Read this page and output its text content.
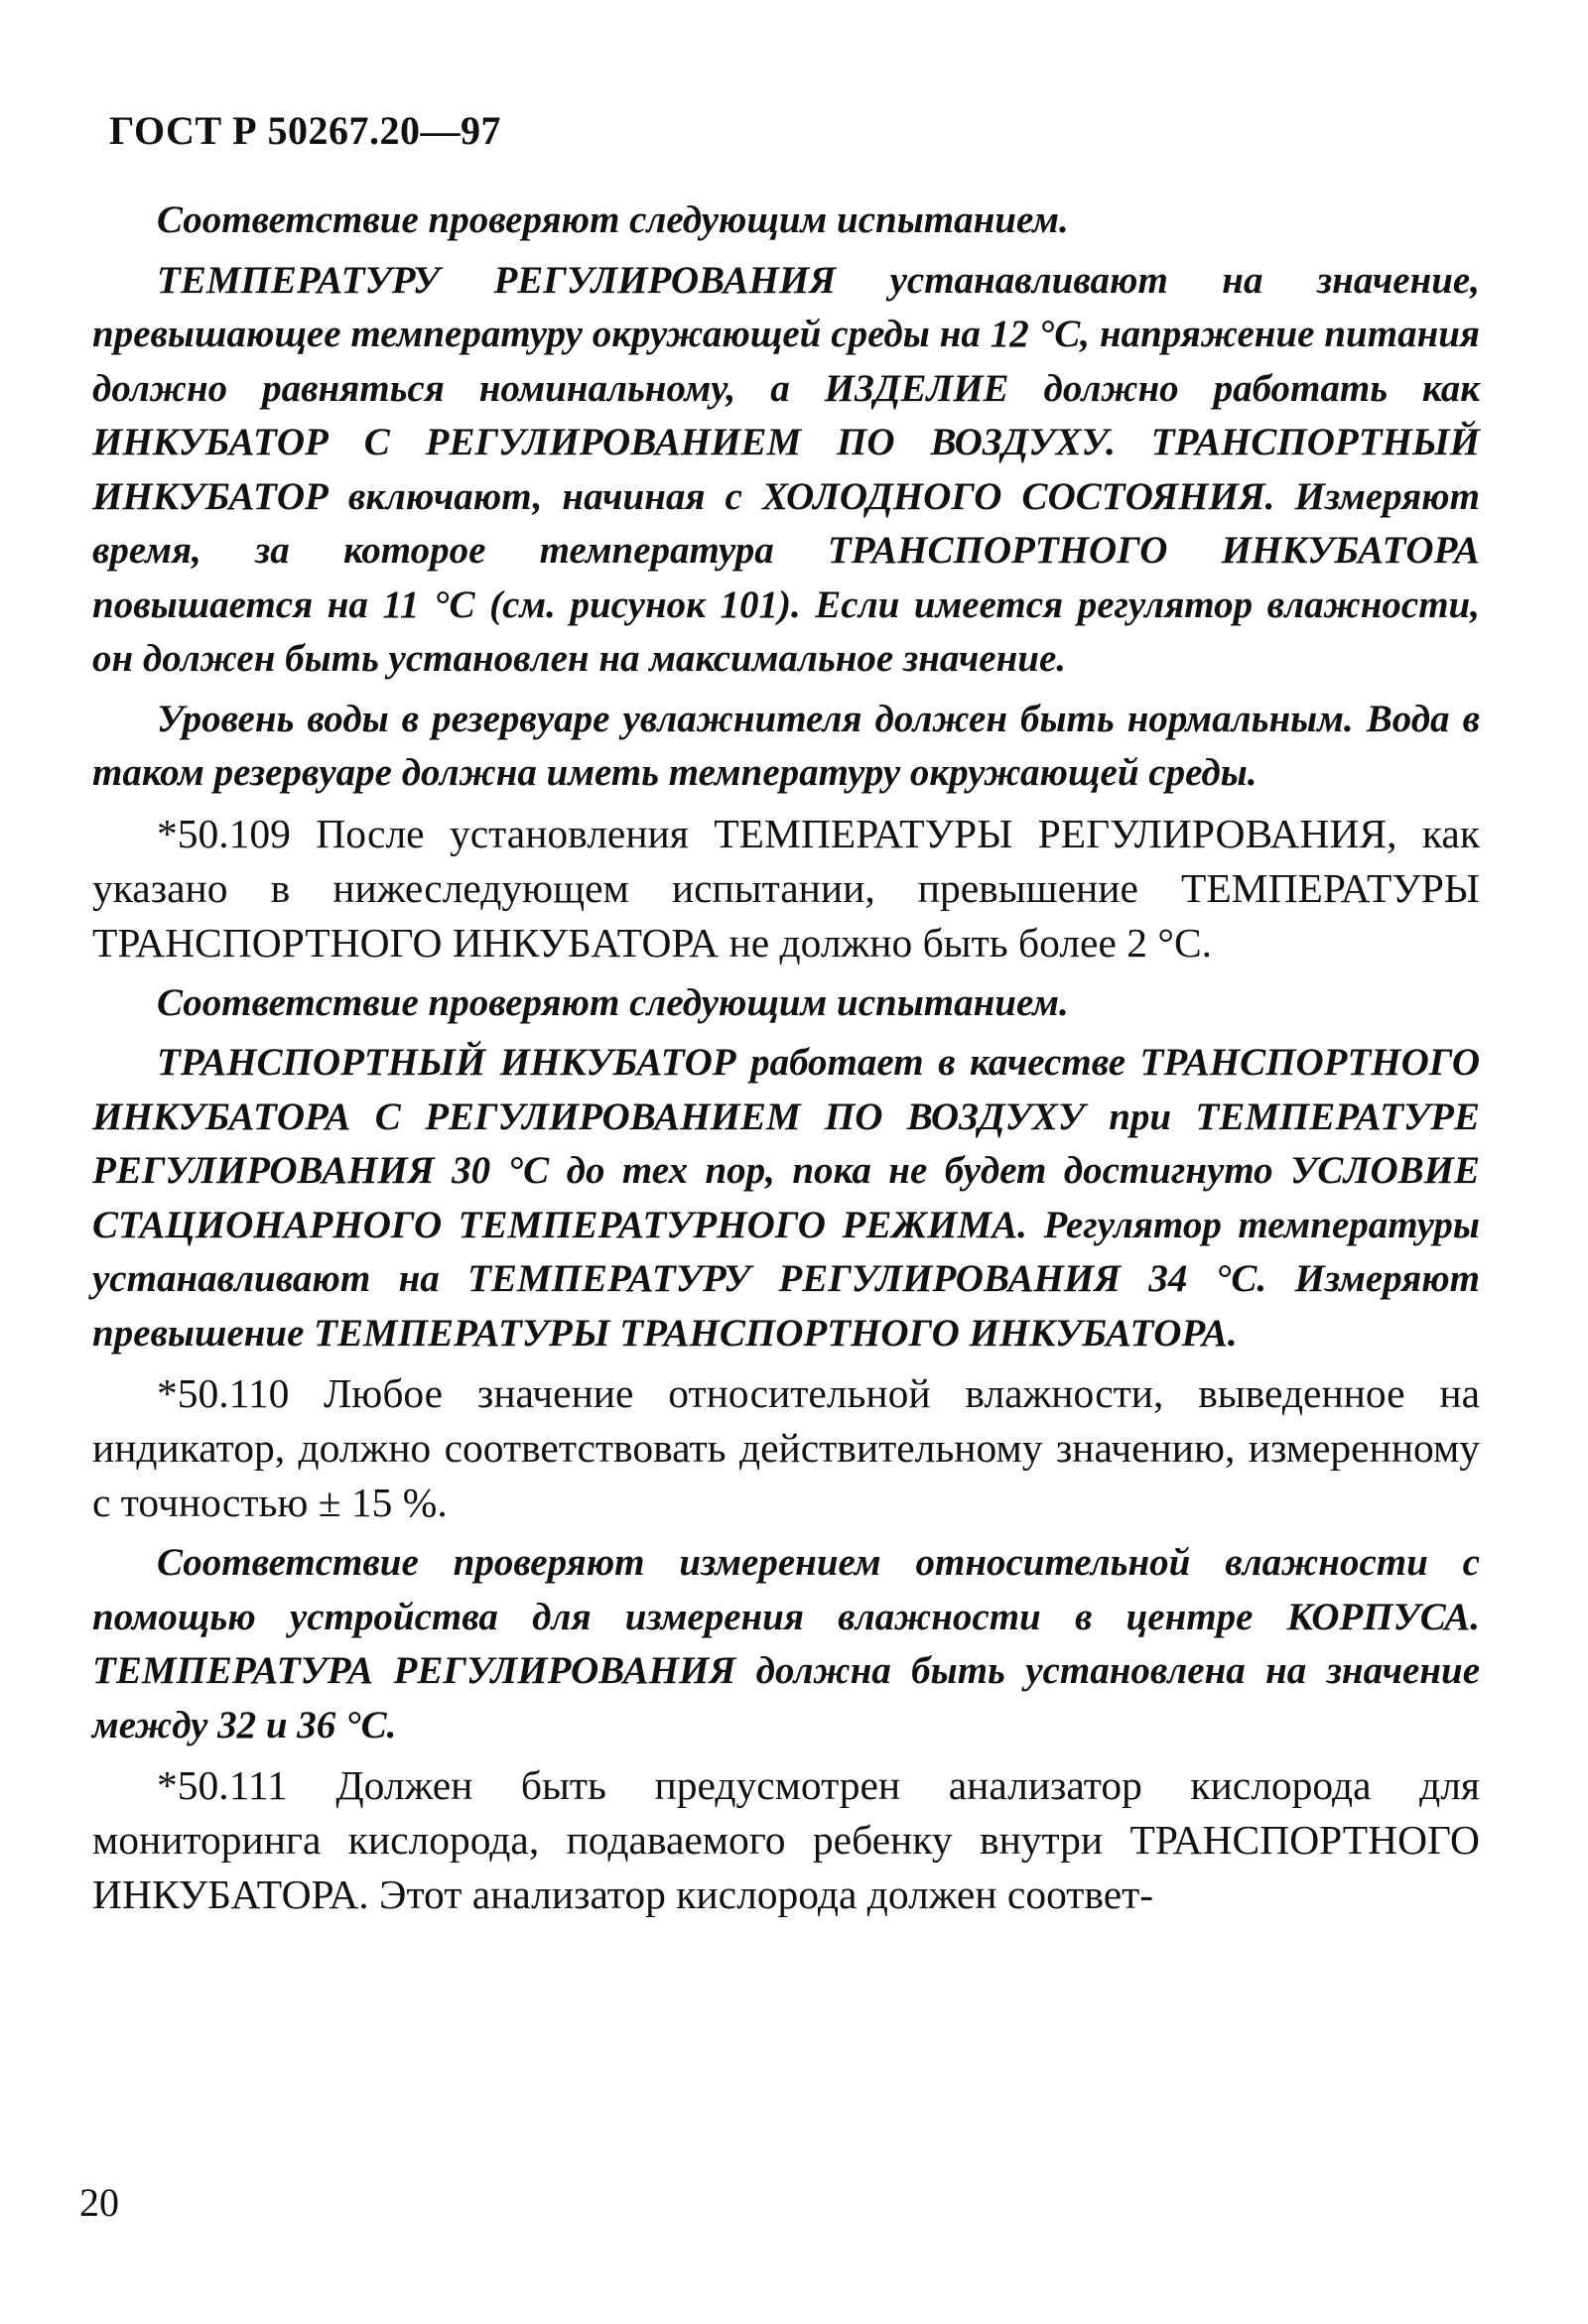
ГОСТ Р 50267.20—97

Соответствие проверяют следующим испытанием.

ТЕМПЕРАТУРУ РЕГУЛИРОВАНИЯ устанавливают на значение, превышающее температуру окружающей среды на 12 °С, напряжение питания должно равняться номинальному, а ИЗДЕЛИЕ должно работать как ИНКУБАТОР С РЕГУЛИРОВАНИЕМ ПО ВОЗДУХУ. ТРАНСПОРТНЫЙ ИНКУБАТОР включают, начиная с ХОЛОДНОГО СОСТОЯНИЯ. Измеряют время, за которое температура ТРАНСПОРТНОГО ИНКУБАТОРА повышается на 11 °С (см. рисунок 101). Если имеется регулятор влажности, он должен быть установлен на максимальное значение.

Уровень воды в резервуаре увлажнителя должен быть нормальным. Вода в таком резервуаре должна иметь температуру окружающей среды.

*50.109 После установления ТЕМПЕРАТУРЫ РЕГУЛИРОВАНИЯ, как указано в нижеследующем испытании, превышение ТЕМПЕРАТУРЫ ТРАНСПОРТНОГО ИНКУБАТОРА не должно быть более 2 °С.

Соответствие проверяют следующим испытанием.

ТРАНСПОРТНЫЙ ИНКУБАТОР работает в качестве ТРАНСПОРТНОГО ИНКУБАТОРА С РЕГУЛИРОВАНИЕМ ПО ВОЗДУХУ при ТЕМПЕРАТУРЕ РЕГУЛИРОВАНИЯ 30 °С до тех пор, пока не будет достигнуто УСЛОВИЕ СТАЦИОНАРНОГО ТЕМПЕРАТУРНОГО РЕЖИМА. Регулятор температуры устанавливают на ТЕМПЕРАТУРУ РЕГУЛИРОВАНИЯ 34 °С. Измеряют превышение ТЕМПЕРАТУРЫ ТРАНСПОРТНОГО ИНКУБАТОРА.

*50.110 Любое значение относительной влажности, выведенное на индикатор, должно соответствовать действительному значению, измеренному с точностью ± 15 %.

Соответствие проверяют измерением относительной влажности с помощью устройства для измерения влажности в центре КОРПУСА. ТЕМПЕРАТУРА РЕГУЛИРОВАНИЯ должна быть установлена на значение между 32 и 36 °С.

*50.111 Должен быть предусмотрен анализатор кислорода для мониторинга кислорода, подаваемого ребенку внутри ТРАНСПОРТНОГО ИНКУБАТОРА. Этот анализатор кислорода должен соответ-

20
